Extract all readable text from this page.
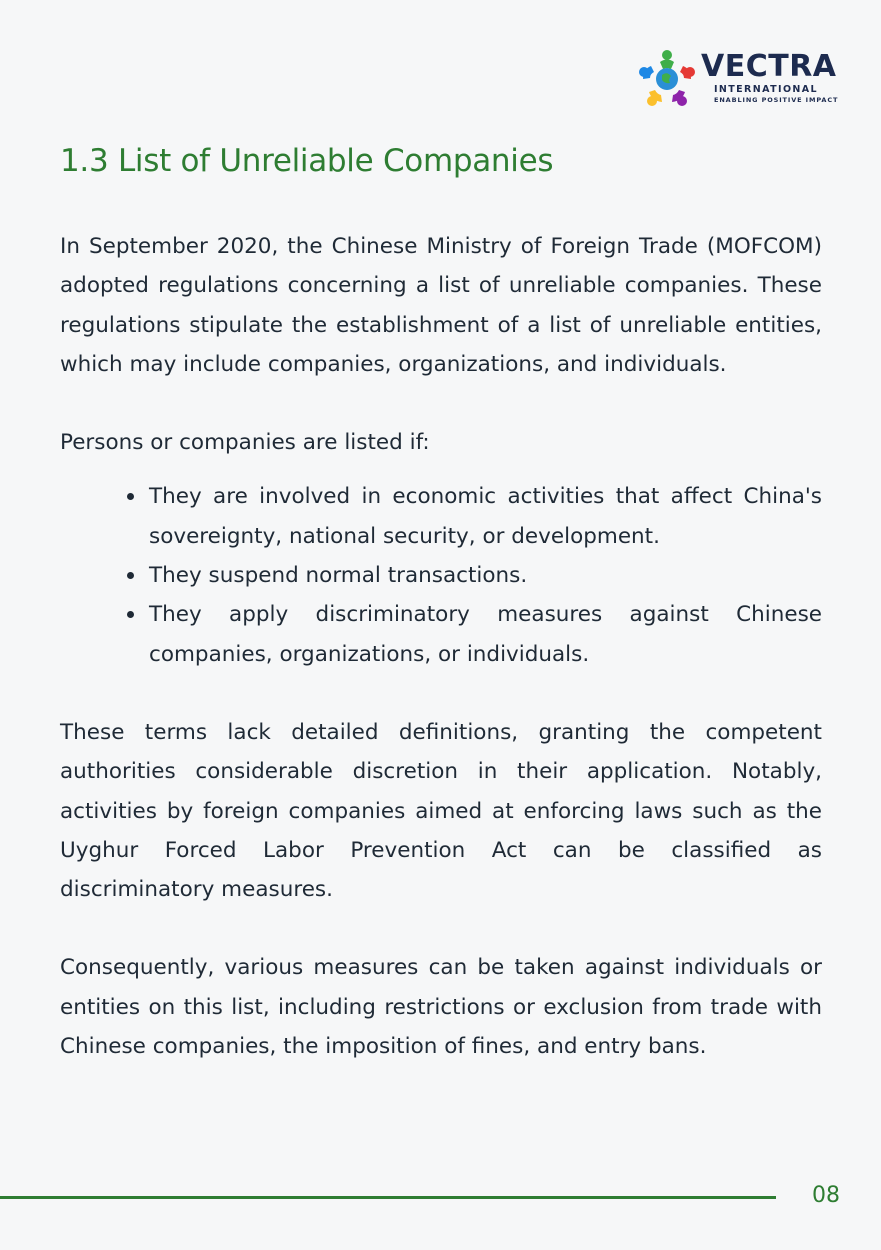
VECTRA
INTERNATIONAL
ENABLING POSITIVE IMPACT
1.3 List of Unreliable Companies

In September 2020, the Chinese Ministry of Foreign Trade (MOFCOM) adopted regulations concerning a list of unreliable companies. These regulations stipulate the establishment of a list of unreliable entities, which may include companies, organizations, and individuals.

Persons or companies are listed if:

They are involved in economic activities that affect China's sovereignty, national security, or development.
They suspend normal transactions.
They apply discriminatory measures against Chinese companies, organizations, or individuals.

These terms lack detailed definitions, granting the competent authorities considerable discretion in their application. Notably, activities by foreign companies aimed at enforcing laws such as the Uyghur Forced Labor Prevention Act can be classified as discriminatory measures.

Consequently, various measures can be taken against individuals or entities on this list, including restrictions or exclusion from trade with Chinese companies, the imposition of fines, and entry bans.

08
